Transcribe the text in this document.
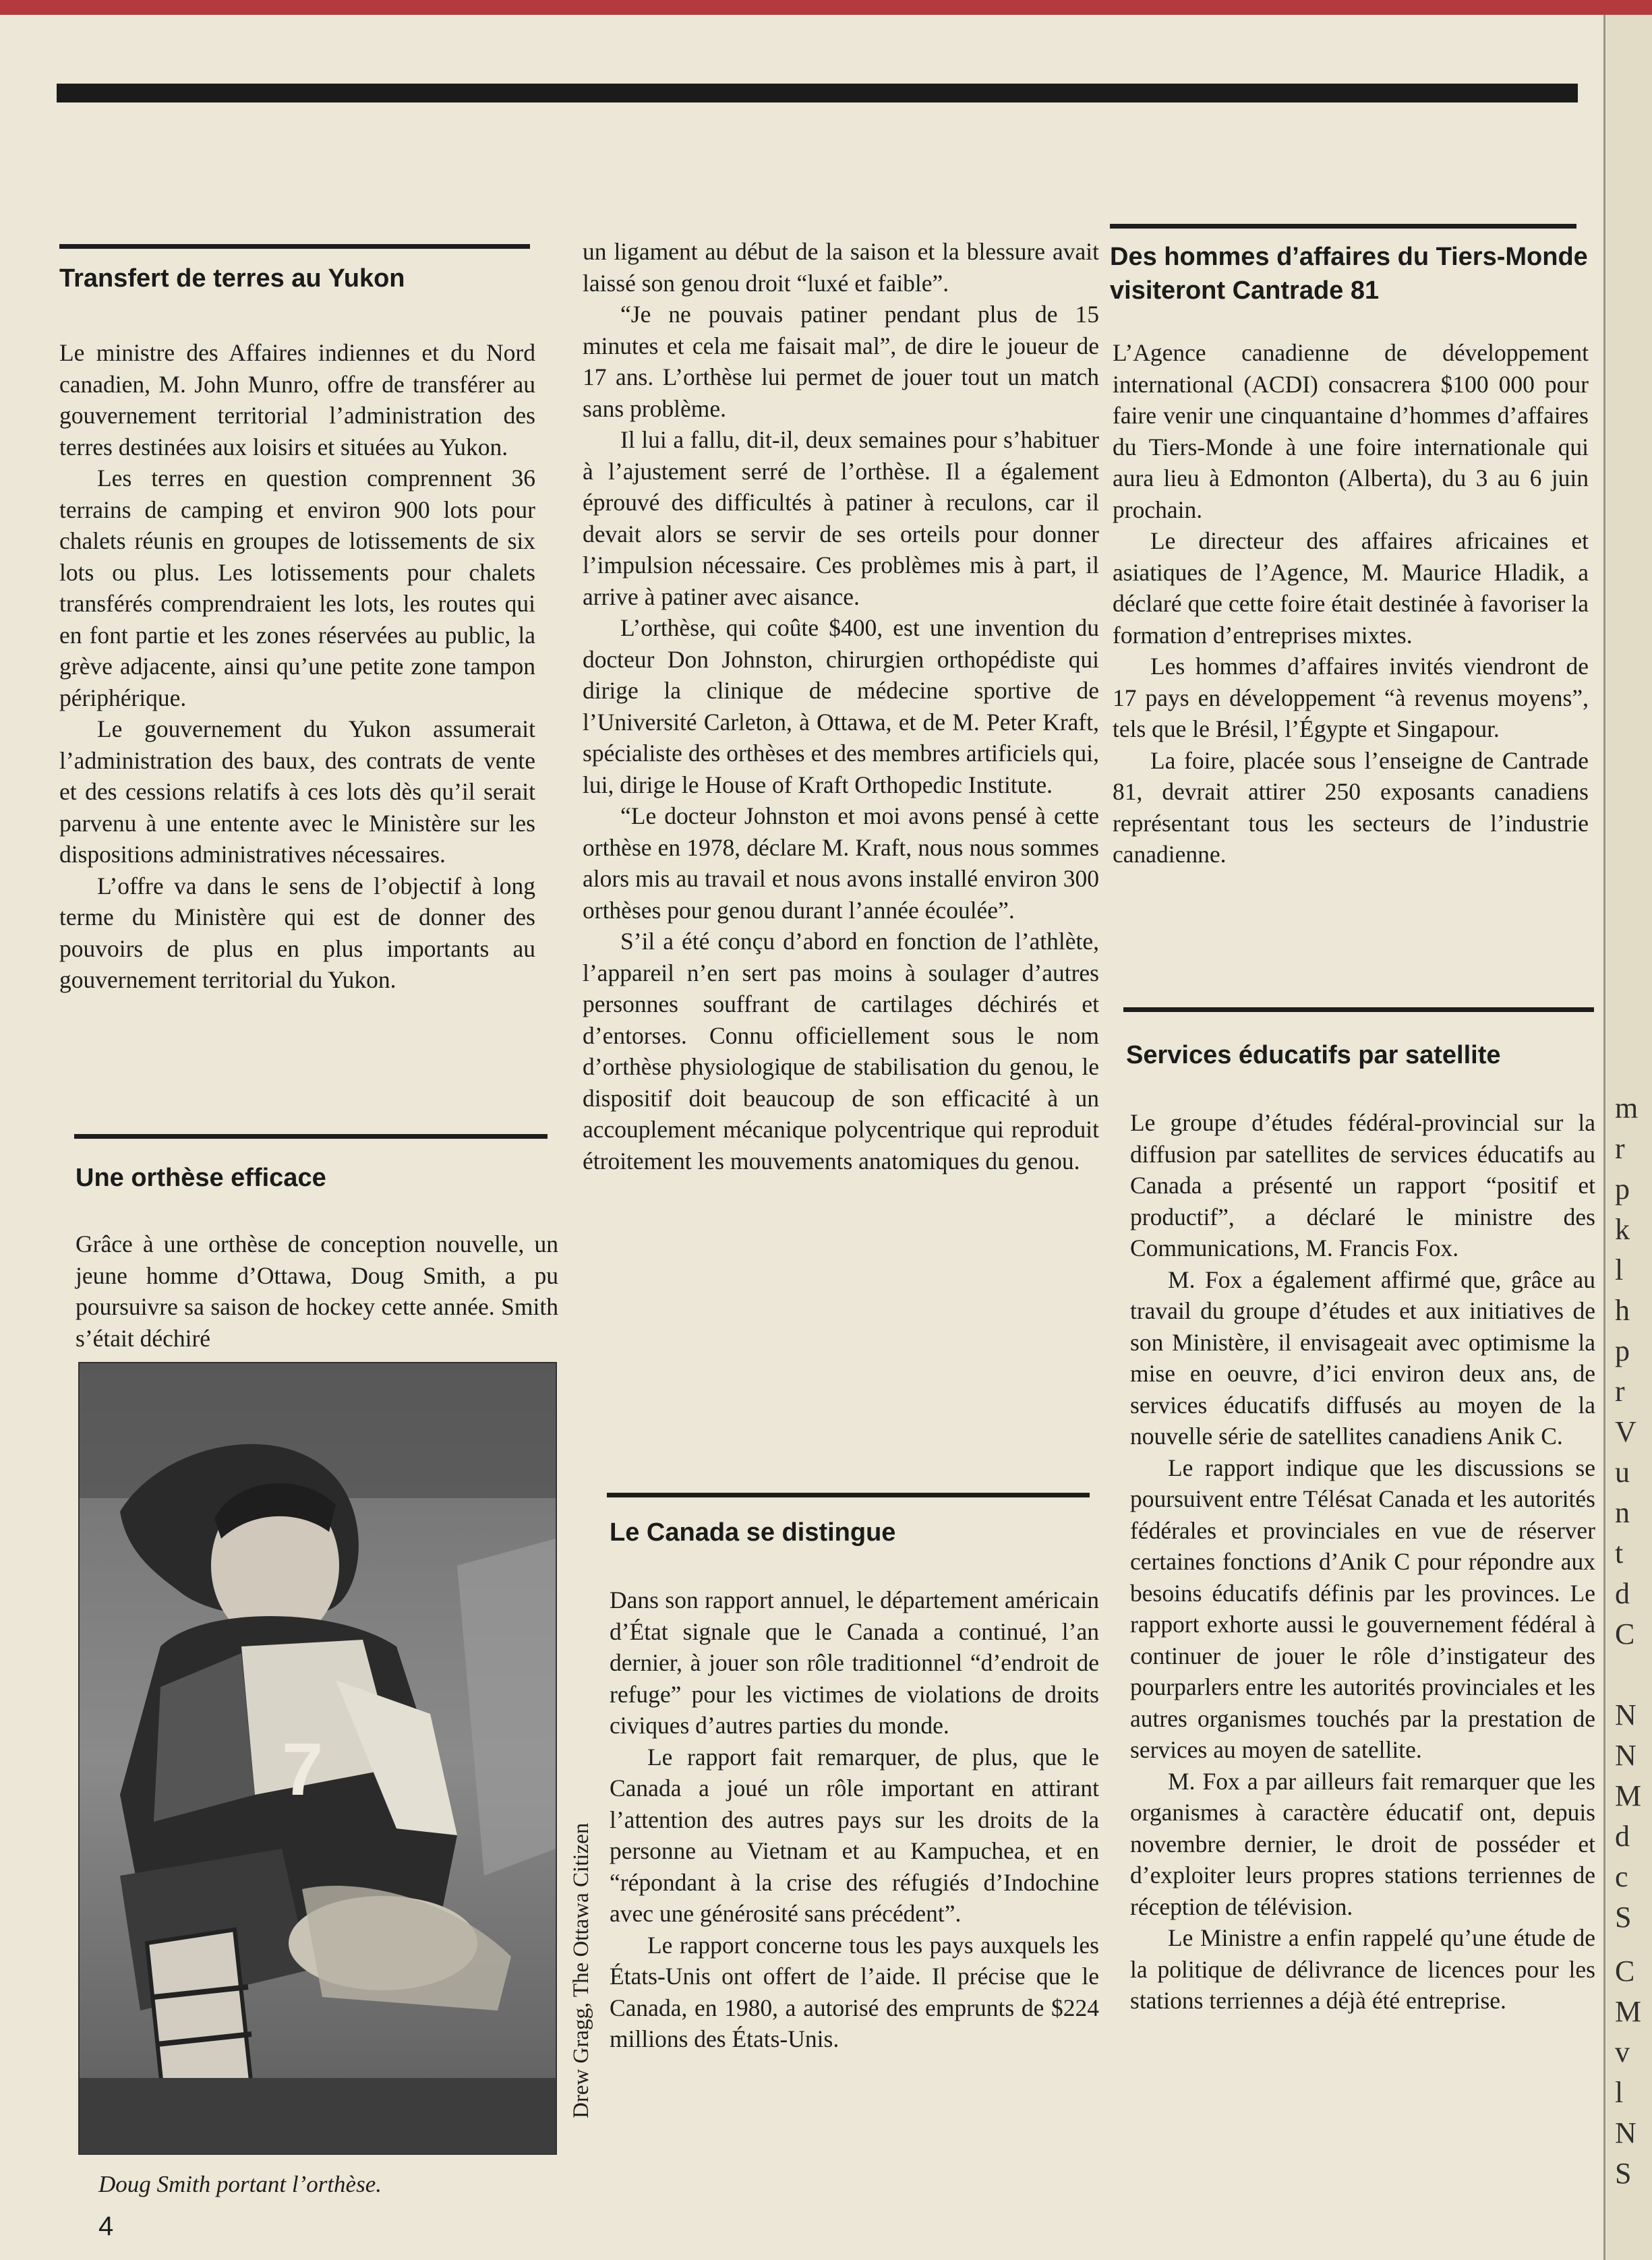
Transfert de terres au Yukon

Le ministre des Affaires indiennes et du Nord canadien, M. John Munro, offre de transférer au gouvernement territorial l’administration des terres destinées aux loisirs et situées au Yukon.

Les terres en question comprennent 36 terrains de camping et environ 900 lots pour chalets réunis en groupes de lotissements de six lots ou plus. Les lotissements pour chalets transférés comprendraient les lots, les routes qui en font partie et les zones réservées au public, la grève adjacente, ainsi qu’une petite zone tampon périphérique.

Le gouvernement du Yukon assumerait l’administration des baux, des contrats de vente et des cessions relatifs à ces lots dès qu’il serait parvenu à une entente avec le Ministère sur les dispositions administratives nécessaires.

L’offre va dans le sens de l’objectif à long terme du Ministère qui est de donner des pouvoirs de plus en plus importants au gouvernement territorial du Yukon.

Une orthèse efficace

Grâce à une orthèse de conception nouvelle, un jeune homme d’Ottawa, Doug Smith, a pu poursuivre sa saison de hockey cette année. Smith s’était déchiré

7
Drew Gragg, The Ottawa Citizen
Doug Smith portant l’orthèse.

un ligament au début de la saison et la blessure avait laissé son genou droit “luxé et faible”.

“Je ne pouvais patiner pendant plus de 15 minutes et cela me faisait mal”, de dire le joueur de 17 ans. L’orthèse lui permet de jouer tout un match sans problème.

Il lui a fallu, dit-il, deux semaines pour s’habituer à l’ajustement serré de l’orthèse. Il a également éprouvé des difficultés à patiner à reculons, car il devait alors se servir de ses orteils pour donner l’impulsion nécessaire. Ces problèmes mis à part, il arrive à patiner avec aisance.

L’orthèse, qui coûte $400, est une invention du docteur Don Johnston, chirurgien orthopédiste qui dirige la clinique de médecine sportive de l’Université Carleton, à Ottawa, et de M. Peter Kraft, spécialiste des orthèses et des membres artificiels qui, lui, dirige le House of Kraft Orthopedic Institute.

“Le docteur Johnston et moi avons pensé à cette orthèse en 1978, déclare M. Kraft, nous nous sommes alors mis au travail et nous avons installé environ 300 orthèses pour genou durant l’année écoulée”.

S’il a été conçu d’abord en fonction de l’athlète, l’appareil n’en sert pas moins à soulager d’autres personnes souffrant de cartilages déchirés et d’entorses. Connu officiellement sous le nom d’orthèse physiologique de stabilisation du genou, le dispositif doit beaucoup de son efficacité à un accouplement mécanique polycentrique qui reproduit étroitement les mouvements anatomiques du genou.

Le Canada se distingue

Dans son rapport annuel, le département américain d’État signale que le Canada a continué, l’an dernier, à jouer son rôle traditionnel “d’endroit de refuge” pour les victimes de violations de droits civiques d’autres parties du monde.

Le rapport fait remarquer, de plus, que le Canada a joué un rôle important en attirant l’attention des autres pays sur les droits de la personne au Vietnam et au Kampuchea, et en “répondant à la crise des réfugiés d’Indochine avec une générosité sans précédent”.

Le rapport concerne tous les pays auxquels les États-Unis ont offert de l’aide. Il précise que le Canada, en 1980, a autorisé des emprunts de $224 millions des États-Unis.

Des hommes d’affaires du Tiers-Monde visiteront Cantrade 81

L’Agence canadienne de développement international (ACDI) consacrera $100 000 pour faire venir une cinquantaine d’hommes d’affaires du Tiers-Monde à une foire internationale qui aura lieu à Edmonton (Alberta), du 3 au 6 juin prochain.

Le directeur des affaires africaines et asiatiques de l’Agence, M. Maurice Hladik, a déclaré que cette foire était destinée à favoriser la formation d’entreprises mixtes.

Les hommes d’affaires invités viendront de 17 pays en développement “à revenus moyens”, tels que le Brésil, l’Égypte et Singapour.

La foire, placée sous l’enseigne de Cantrade 81, devrait attirer 250 exposants canadiens représentant tous les secteurs de l’industrie canadienne.

Services éducatifs par satellite

Le groupe d’études fédéral-provincial sur la diffusion par satellites de services éducatifs au Canada a présenté un rapport “positif et productif”, a déclaré le ministre des Communications, M. Francis Fox.

M. Fox a également affirmé que, grâce au travail du groupe d’études et aux initiatives de son Ministère, il envisageait avec optimisme la mise en oeuvre, d’ici environ deux ans, de services éducatifs diffusés au moyen de la nouvelle série de satellites canadiens Anik C.

Le rapport indique que les discussions se poursuivent entre Télésat Canada et les autorités fédérales et provinciales en vue de réserver certaines fonctions d’Anik C pour répondre aux besoins éducatifs définis par les provinces. Le rapport exhorte aussi le gouvernement fédéral à continuer de jouer le rôle d’instigateur des pourparlers entre les autorités provinciales et les autres organismes touchés par la prestation de services au moyen de satellite.

M. Fox a par ailleurs fait remarquer que les organismes à caractère éducatif ont, depuis novembre dernier, le droit de posséder et d’exploiter leurs propres stations terriennes de réception de télévision.

Le Ministre a enfin rappelé qu’une étude de la politique de délivrance de licences pour les stations terriennes a déjà été entreprise.

4
m
r
p
k
l
h
p
r
V
u
n
t
d
C
N
N
M
d
c
S
C
M
v
l
N
S
